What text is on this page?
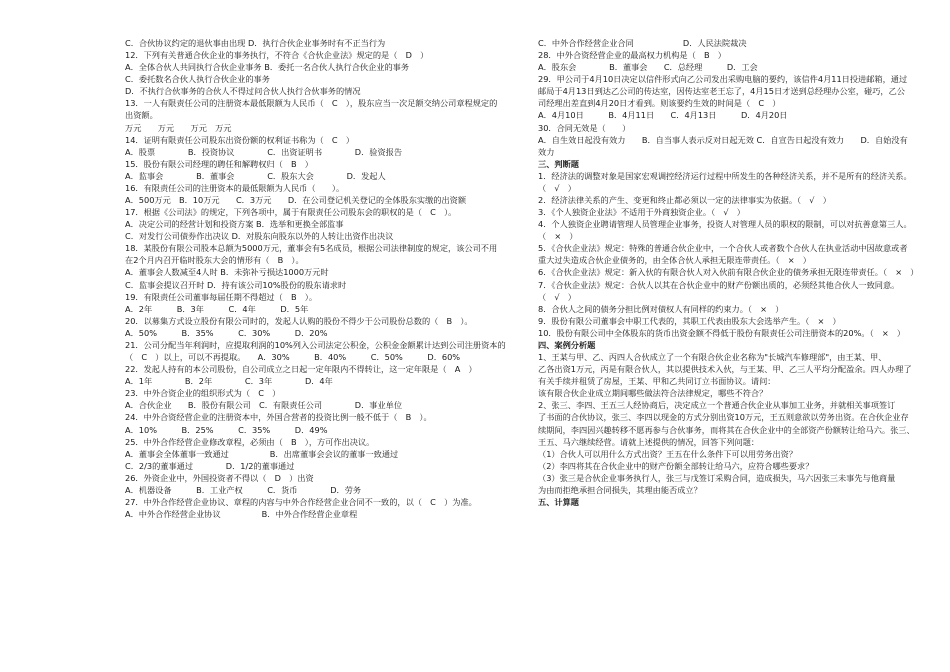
C．合伙协议约定的退伙事由出现 D．执行合伙企业事务时有不正当行为
12．下列有关普通合伙企业的事务执行，不符合《合伙企业法》规定的是（　D　）
A．全体合伙人共同执行合伙企业事务 B．委托一名合伙人执行合伙企业的事务
C．委托数名合伙人执行合伙企业的事务
D．不执行合伙事务的合伙人不得过问合伙人执行合伙事务的情况
13．一人有限责任公司的注册资本最低限额为人民币（　C　），股东应当一次足额交纳公司章程规定的
出资额。
万元　　万元　　万元　万元
14．证明有限责任公司股东出资份额的权利证书称为（　C　）
A．股票　　　　B．投资协议　　　　C．出资证明书　　　　D．验资报告
15．股份有限公司经理的聘任和解聘权归（　B　）
A．监事会　　　　B．董事会　　　　C．股东大会　　　　D．发起人
16．有限责任公司的注册资本的最低限额为人民币（　　）。
A．500万元　B．10万元　　C．3万元　　D．在公司登记机关登记的全体股东实缴的出资额
17．根据《公司法》的规定，下列各项中，属于有限责任公司股东会的职权的是（　C　）。
A．决定公司的经营计划和投资方案 B．选举和更换全部监事
C．对发行公司债券作出决议 D．对股东向股东以外的人转让出资作出决议
18．某股份有限公司股本总额为5000万元，董事会有5名成员，根据公司法律制度的规定，该公司不用
在2个月内召开临时股东大会的情形有（　B　）。
A．董事会人数减至4人时 B．未弥补亏损达1000万元时
C．监事会提议召开时 D．持有该公司10%股份的股东请求时
19．有限责任公司董事每届任期不得超过（　B　）。
A．2年　　　B．3年　　　C．4年　　　D．5年
20．以募集方式设立股份有限公司时的，发起人认购的股份不得少于公司股份总数的（　B　）。
A．50%　　　B．35%　　　C．30%　　　D．20%
21．公司分配当年利润时，应提取利润的10%列入公司法定公积金，公积金金额累计达到公司注册资本的
（　C　）以上，可以不再提取。　　A．30%　　　B．40%　　　C．50%　　　D．60%
22．发起人持有的本公司股份，自公司成立之日起一定年限内不得转让，这一定年限是（　A　）
A．1年　　　　B．2年　　　　C．3年　　　　D．4年
23．中外合资企业的组织形式为（　C　）
A．合伙企业　　B．股份有限公司　C．有限责任公司　　　　D．事业单位
24．中外合资经营企业的注册资本中，外国合营者的投资比例一般不低于（　B　）。
A．10%　　　B．25%　　　C．35%　　　D．49%
25．中外合作经营企业修改章程，必须由（　B　），方可作出决议。
A．董事会全体董事一致通过　　　　　B．出席董事会会议的董事一致通过
C．2/3的董事通过　　　　D．1/2的董事通过
26．外资企业中，外国投资者不得以（　D　）出资
A．机器设备　　　B．工业产权　　　C．货币　　　　D．劳务
27．中外合作经营企业协议、章程的内容与中外合作经营企业合同不一致的，以（　C　）为准。
A．中外合作经营企业协议　　　　　B．中外合作经营企业章程
C．中外合作经营企业合同　　　　　　D．人民法院裁决
28．中外合资经营企业的最高权力机构是（　B　）
A．股东会　　　　B．董事会　　C．总经理　　　D．工会
29．甲公司于4月10日决定以信件形式向乙公司发出采购电脑的要约，该信件4月11日投进邮箱，通过
邮局于4月13日到达乙公司的传达室，因传达室老王忘了，4月15日才送到总经理办公室，碰巧，乙公
司经理出差直到4月20日才看到。则该要约生效的时间是（　C　）
A．4月10日　　　B．4月11日　　C．4月13日　　　D．4月20日
30．合同无效是（　　）
A．自生效日起没有效力　　B．自当事人表示反对日起无效 C．自宣告日起没有效力　　D．自始没有
效力
三、判断题
1．经济法的调整对象是国家宏观调控经济运行过程中所发生的各种经济关系，并不是所有的经济关系。
（　√　）
2．经济法律关系的产生、变更和终止都必须以一定的法律事实为依据。（　√　）
3．《个人独资企业法》不适用于外商独资企业。（　√　）
4．个人独资企业聘请管理人员管理企业事务，投资人对管理人员的职权的限制，可以对抗善意第三人。
（　×　）
5．《合伙企业法》规定：特殊的普通合伙企业中，一个合伙人或者数个合伙人在执业活动中因故意或者
重大过失造成合伙企业债务的，由全体合伙人承担无限连带责任。（　×　）
6．《合伙企业法》规定：新入伙的有限合伙人对入伙前有限合伙企业的债务承担无限连带责任。（　×　）
7．《合伙企业法》规定：合伙人以其在合伙企业中的财产份额出质的，必须经其他合伙人一致同意。
（　√　）
8．合伙人之间的债务分担比例对债权人有同样的约束力。（　×　）
9．股份有限公司董事会中职工代表的，其职工代表由股东大会选举产生。（　×　）
10．股份有限公司中全体股东的货币出资金额不得低于股份有限责任公司注册资本的20%。（　×　）
四、案例分析题
1、王某与甲、乙、丙四人合伙成立了一个有限合伙企业名称为"长城汽车修理部"，由王某、甲、
乙各出资1万元，丙是有限合伙人，其以提供技术入伙，与王某、甲、乙三人平均分配盈余。四人办理了
有关手续并租赁了房屋，王某、甲和乙共同订立书面协议。请问：
该有限合伙企业成立期间哪些做法符合法律规定，哪些不符合？
2、张三、李四、王五三人经协商后，决定成立一个普通合伙企业从事加工业务，并就相关事项签订
了书面的合伙协议，张三、李四以现金的方式分别出资10万元，王五则意欲以劳务出资。在合伙企业存
续期间，李四因兴趣转移不愿再参与合伙事务，而将其在合伙企业中的全部资产份额转让给马六。张三、
王五、马六继续经营。请就上述提供的情况，回答下列问题：
（1）合伙人可以用什么方式出资？王五在什么条件下可以用劳务出资？
（2）李四将其在合伙企业中的财产份额全部转让给马六，应符合哪些要求？
（3）张三是合伙企业事务执行人，张三与戊签订采购合同，造成损失，马六因张三未事先与他商量
为由而拒绝承担合同损失，其理由能否成立？
五、计算题
